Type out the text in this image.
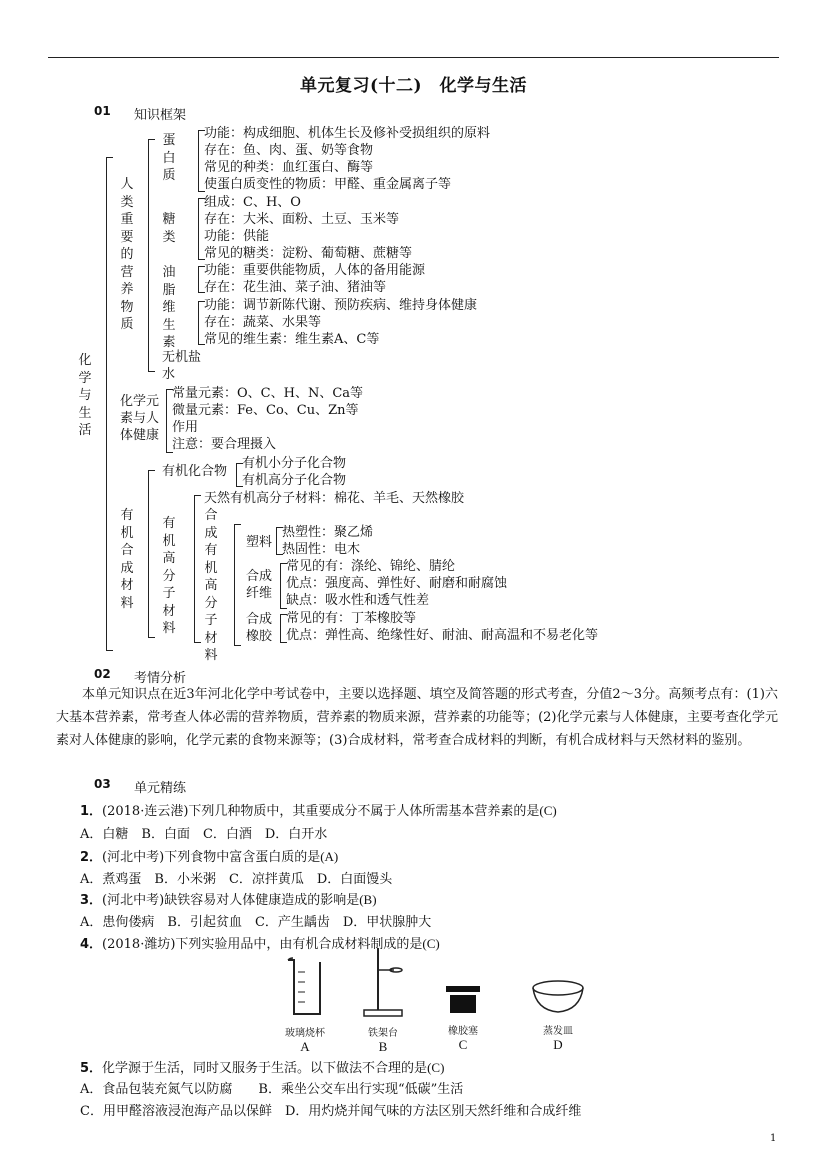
单元复习(十二)　化学与生活
01 知识框架
化学与生活
人类重要的营养物质
蛋白质
功能：构成细胞、机体生长及修补受损组织的原料
存在：鱼、肉、蛋、奶等食物
常见的种类：血红蛋白、酶等
使蛋白质变性的物质：甲醛、重金属离子等
糖类
组成：C、H、O
存在：大米、面粉、土豆、玉米等
功能：供能
常见的糖类：淀粉、葡萄糖、蔗糖等
油脂
功能：重要供能物质，人体的备用能源
存在：花生油、菜子油、猪油等
维生素
功能：调节新陈代谢、预防疾病、维持身体健康
存在：蔬菜、水果等
常见的维生素：维生素A、C等
无机盐
水
化学元素与人体健康
常量元素：O、C、H、N、Ca等
微量元素：Fe、Co、Cu、Zn等
作用
注意：要合理摄入
有机合成材料
有机化合物
有机小分子化合物
有机高分子化合物
有机高分子材料
天然有机高分子材料：棉花、羊毛、天然橡胶
合成有机高分子材料
塑料
热塑性：聚乙烯
热固性：电木
合成纤维
常见的有：涤纶、锦纶、腈纶
优点：强度高、弹性好、耐磨和耐腐蚀
缺点：吸水性和透气性差
合成橡胶
常见的有：丁苯橡胶等
优点：弹性高、绝缘性好、耐油、耐高温和不易老化等
02 考情分析
本单元知识点在近3年河北化学中考试卷中，主要以选择题、填空及简答题的形式考查，分值2～3分。高频考点有：(1)六大基本营养素，常考查人体必需的营养物质，营养素的物质来源，营养素的功能等；(2)化学元素与人体健康，主要考查化学元素对人体健康的影响，化学元素的食物来源等；(3)合成材料，常考查合成材料的判断，有机合成材料与天然材料的鉴别。
03 单元精练
1．(2018·连云港)下列几种物质中，其重要成分不属于人体所需基本营养素的是(C)
A．白糖　B．白面　C．白酒　D．白开水
2．(河北中考)下列食物中富含蛋白质的是(A)
A．煮鸡蛋　B．小米粥　C．凉拌黄瓜　D．白面馒头
3．(河北中考)缺铁容易对人体健康造成的影响是(B)
A．患佝偻病　B．引起贫血　C．产生龋齿　D．甲状腺肿大
4．(2018·潍坊)下列实验用品中，由有机合成材料制成的是(C)
玻璃烧杯
A
铁架台
B
橡胶塞
C
蒸发皿
D
5．化学源于生活，同时又服务于生活。以下做法不合理的是(C)
A．食品包装充氮气以防腐　　B．乘坐公交车出行实现“低碳”生活
C．用甲醛溶液浸泡海产品以保鲜　D．用灼烧并闻气味的方法区别天然纤维和合成纤维
1
